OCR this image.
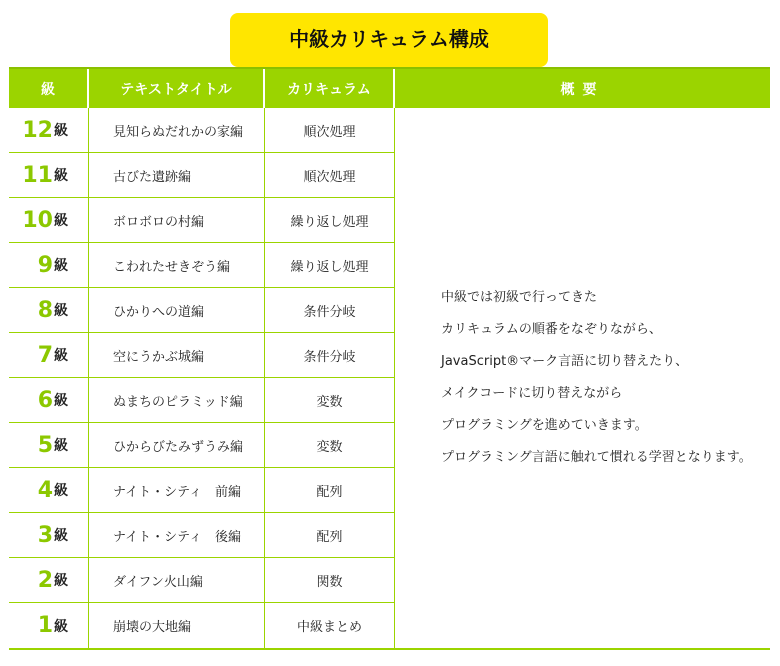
中級カリキュラム構成
級	テキストタイトル	カリキュラム	概要
12 級	見知らぬだれかの家編	順次処理
11 級	古びた遺跡編	順次処理
10 級	ボロボロの村編	繰り返し処理
9 級	こわれたせきぞう編	繰り返し処理
8 級	ひかりへの道編	条件分岐
7 級	空にうかぶ城編	条件分岐
6 級	ぬまちのピラミッド編	変数
5 級	ひからびたみずうみ編	変数
4 級	ナイト・シティ　前編	配列
3 級	ナイト・シティ　後編	配列
2 級	ダイフン火山編	関数
1 級	崩壊の大地編	中級まとめ
中級では初級で行ってきた
カリキュラムの順番をなぞりながら、
JavaScript®マーク言語に切り替えたり、
メイクコードに切り替えながら
プログラミングを進めていきます。
プログラミング言語に触れて慣れる学習となります。
